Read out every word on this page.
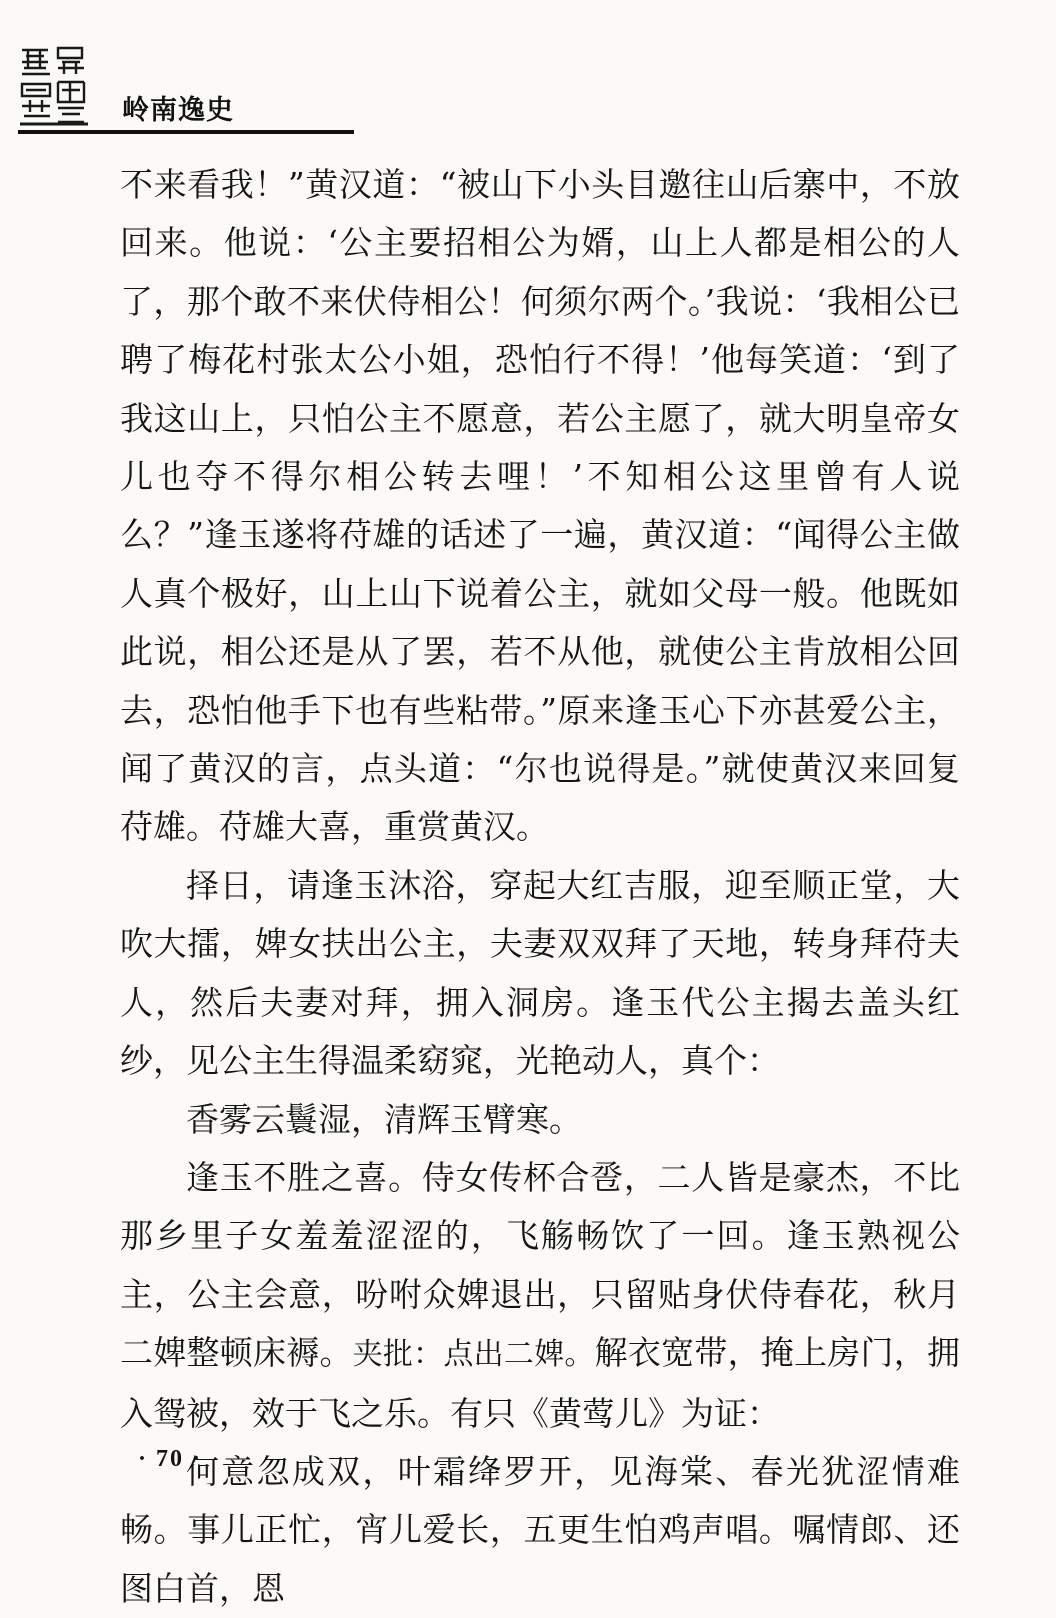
岭南逸史

不来看我！”黄汉道：“被山下小头目邀往山后寨中，不放回来。他说：‘公主要招相公为婿，山上人都是相公的人了，那个敢不来伏侍相公！何须尔两个。’我说：‘我相公已聘了梅花村张太公小姐，恐怕行不得！’他每笑道：‘到了我这山上，只怕公主不愿意，若公主愿了，就大明皇帝女儿也夺不得尔相公转去哩！’不知相公这里曾有人说么？”逢玉遂将苻雄的话述了一遍，黄汉道：“闻得公主做人真个极好，山上山下说着公主，就如父母一般。他既如此说，相公还是从了罢，若不从他，就使公主肯放相公回去，恐怕他手下也有些粘带。”原来逢玉心下亦甚爱公主，闻了黄汉的言，点头道：“尔也说得是。”就使黄汉来回复苻雄。苻雄大喜，重赏黄汉。

择日，请逢玉沐浴，穿起大红吉服，迎至顺正堂，大吹大擂，婢女扶出公主，夫妻双双拜了天地，转身拜苻夫人，然后夫妻对拜，拥入洞房。逢玉代公主揭去盖头红纱，见公主生得温柔窈窕，光艳动人，真个：

香雾云鬟湿，清辉玉臂寒。

逢玉不胜之喜。侍女传杯合卺，二人皆是豪杰，不比那乡里子女羞羞涩涩的，飞觞畅饮了一回。逢玉熟视公主，公主会意，吩咐众婢退出，只留贴身伏侍春花，秋月二婢整顿床褥。夹批：点出二婢。解衣宽带，掩上房门，拥入鸳被，效于飞之乐。有只《黄莺儿》为证：

何意忽成双，叶霜绛罗开，见海棠、春光犹涩情难畅。事儿正忙，宵儿爱长，五更生怕鸡声唱。嘱情郎、还图白首，恩

· 70 ·
